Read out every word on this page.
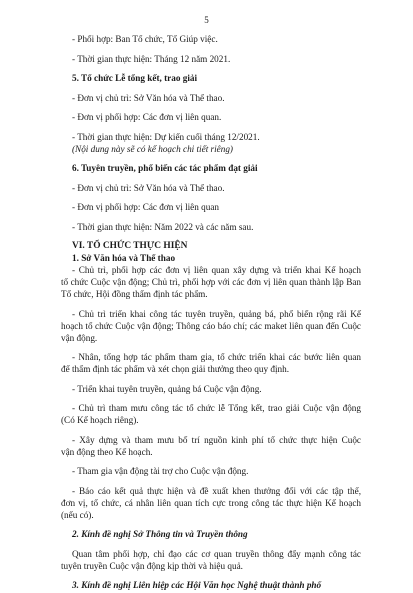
5

- Phối hợp: Ban Tổ chức, Tổ Giúp việc.

- Thời gian thực hiện: Tháng 12 năm 2021.

5. Tổ chức Lễ tổng kết, trao giải

- Đơn vị chủ trì: Sở Văn hóa và Thể thao.

- Đơn vị phối hợp: Các đơn vị liên quan.

- Thời gian thực hiện: Dự kiến cuối tháng 12/2021.

(Nội dung này sẽ có kế hoạch chi tiết riêng)

6. Tuyên truyền, phổ biến các tác phẩm đạt giải

- Đơn vị chủ trì: Sở Văn hóa và Thể thao.

- Đơn vị phối hợp: Các đơn vị liên quan

- Thời gian thực hiện: Năm 2022 và các năm sau.

VI. TỔ CHỨC THỰC HIỆN

1. Sở Văn hóa và Thể thao

- Chủ trì, phối hợp các đơn vị liên quan xây dựng và triển khai Kế hoạch

tổ chức Cuộc vận động; Chủ trì, phối hợp với các đơn vị liên quan thành lập Ban

Tổ chức, Hội đồng thẩm định tác phẩm.

- Chủ trì triển khai công tác tuyên truyền, quảng bá, phổ biến rộng rãi Kế

hoạch tổ chức Cuộc vận động; Thông cáo báo chí; các maket liên quan đến Cuộc

vận động.

- Nhân, tổng hợp tác phẩm tham gia, tổ chức triển khai các bước liên quan

để thẩm định tác phẩm và xét chọn giải thưởng theo quy định.

- Triển khai tuyên truyền, quảng bá Cuộc vận động.

- Chủ trì tham mưu công tác tổ chức lễ Tổng kết, trao giải Cuộc vận động

(Có Kế hoạch riêng).

- Xây dựng và tham mưu bố trí nguồn kinh phí tổ chức thực hiện Cuộc

vận động theo Kế hoạch.

- Tham gia vận động tài trợ cho Cuộc vận động.

- Báo cáo kết quả thực hiện và đề xuất khen thưởng đối với các tập thể,

đơn vị, tổ chức, cá nhân liên quan tích cực trong công tác thực hiện Kế hoạch

(nếu có).

2. Kính đề nghị Sở Thông tin và Truyền thông

Quan tâm phối hợp, chỉ đạo các cơ quan truyền thông đẩy mạnh công tác

tuyên truyền Cuộc vận động kịp thời và hiệu quả.

3. Kính đề nghị Liên hiệp các Hội Văn học Nghệ thuật thành phố
